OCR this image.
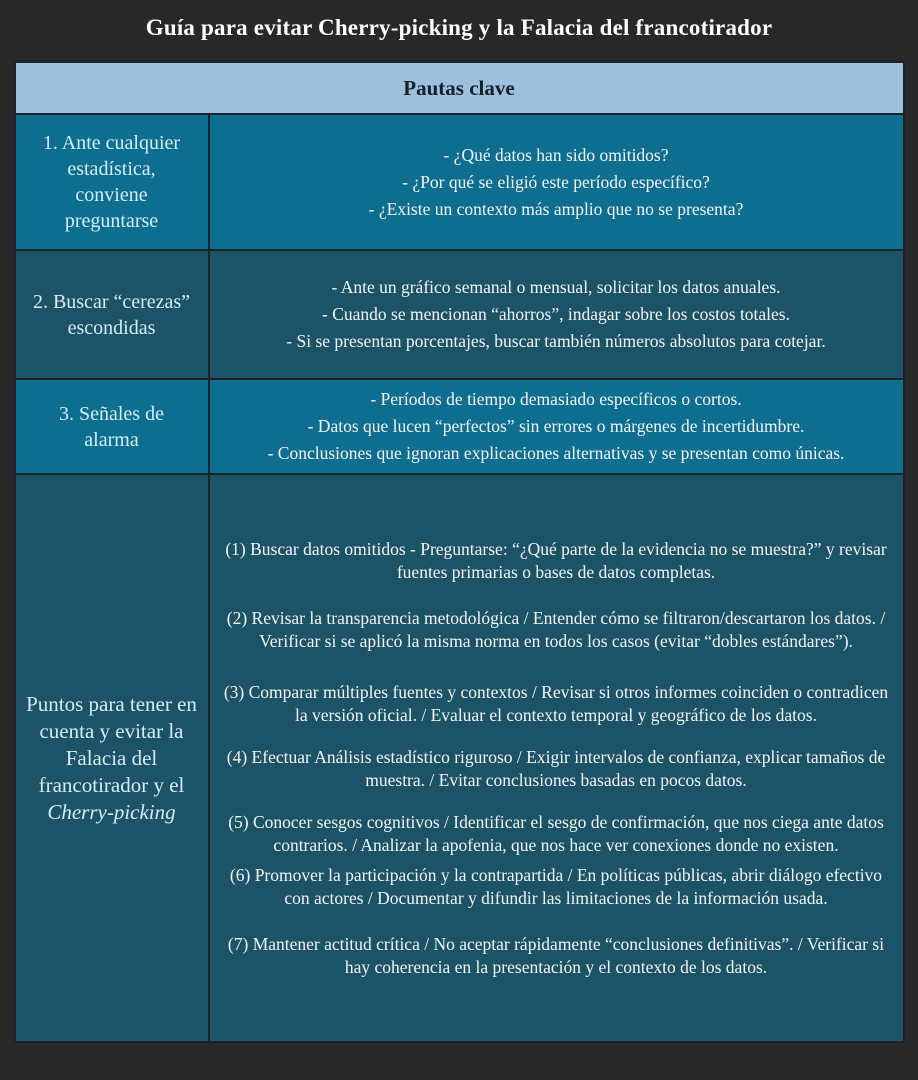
Guía para evitar Cherry-picking y la Falacia del francotirador
Pautas clave
1. Ante cualquier estadística, conviene preguntarse
- ¿Qué datos han sido omitidos?
- ¿Por qué se eligió este período específico?
- ¿Existe un contexto más amplio que no se presenta?
2. Buscar “cerezas” escondidas
- Ante un gráfico semanal o mensual, solicitar los datos anuales.
- Cuando se mencionan “ahorros”, indagar sobre los costos totales.
- Si se presentan porcentajes, buscar también números absolutos para cotejar.
3. Señales de alarma
- Períodos de tiempo demasiado específicos o cortos.
- Datos que lucen “perfectos” sin errores o márgenes de incertidumbre.
- Conclusiones que ignoran explicaciones alternativas y se presentan como únicas.
Puntos para tener en cuenta y evitar la Falacia del francotirador y el Cherry-picking

(1) Buscar datos omitidos - Preguntarse: “¿Qué parte de la evidencia no se muestra?” y revisar fuentes primarias o bases de datos completas.

(2) Revisar la transparencia metodológica / Entender cómo se filtraron/descartaron los datos. / Verificar si se aplicó la misma norma en todos los casos (evitar “dobles estándares”).

(3) Comparar múltiples fuentes y contextos / Revisar si otros informes coinciden o contradicen la versión oficial. / Evaluar el contexto temporal y geográfico de los datos.

(4) Efectuar Análisis estadístico riguroso / Exigir intervalos de confianza, explicar tamaños de muestra. / Evitar conclusiones basadas en pocos datos.

(5) Conocer sesgos cognitivos / Identificar el sesgo de confirmación, que nos ciega ante datos contrarios. / Analizar la apofenia, que nos hace ver conexiones donde no existen.

(6) Promover la participación y la contrapartida / En políticas públicas, abrir diálogo efectivo con actores / Documentar y difundir las limitaciones de la información usada.

(7) Mantener actitud crítica / No aceptar rápidamente “conclusiones definitivas”. / Verificar si hay coherencia en la presentación y el contexto de los datos.
